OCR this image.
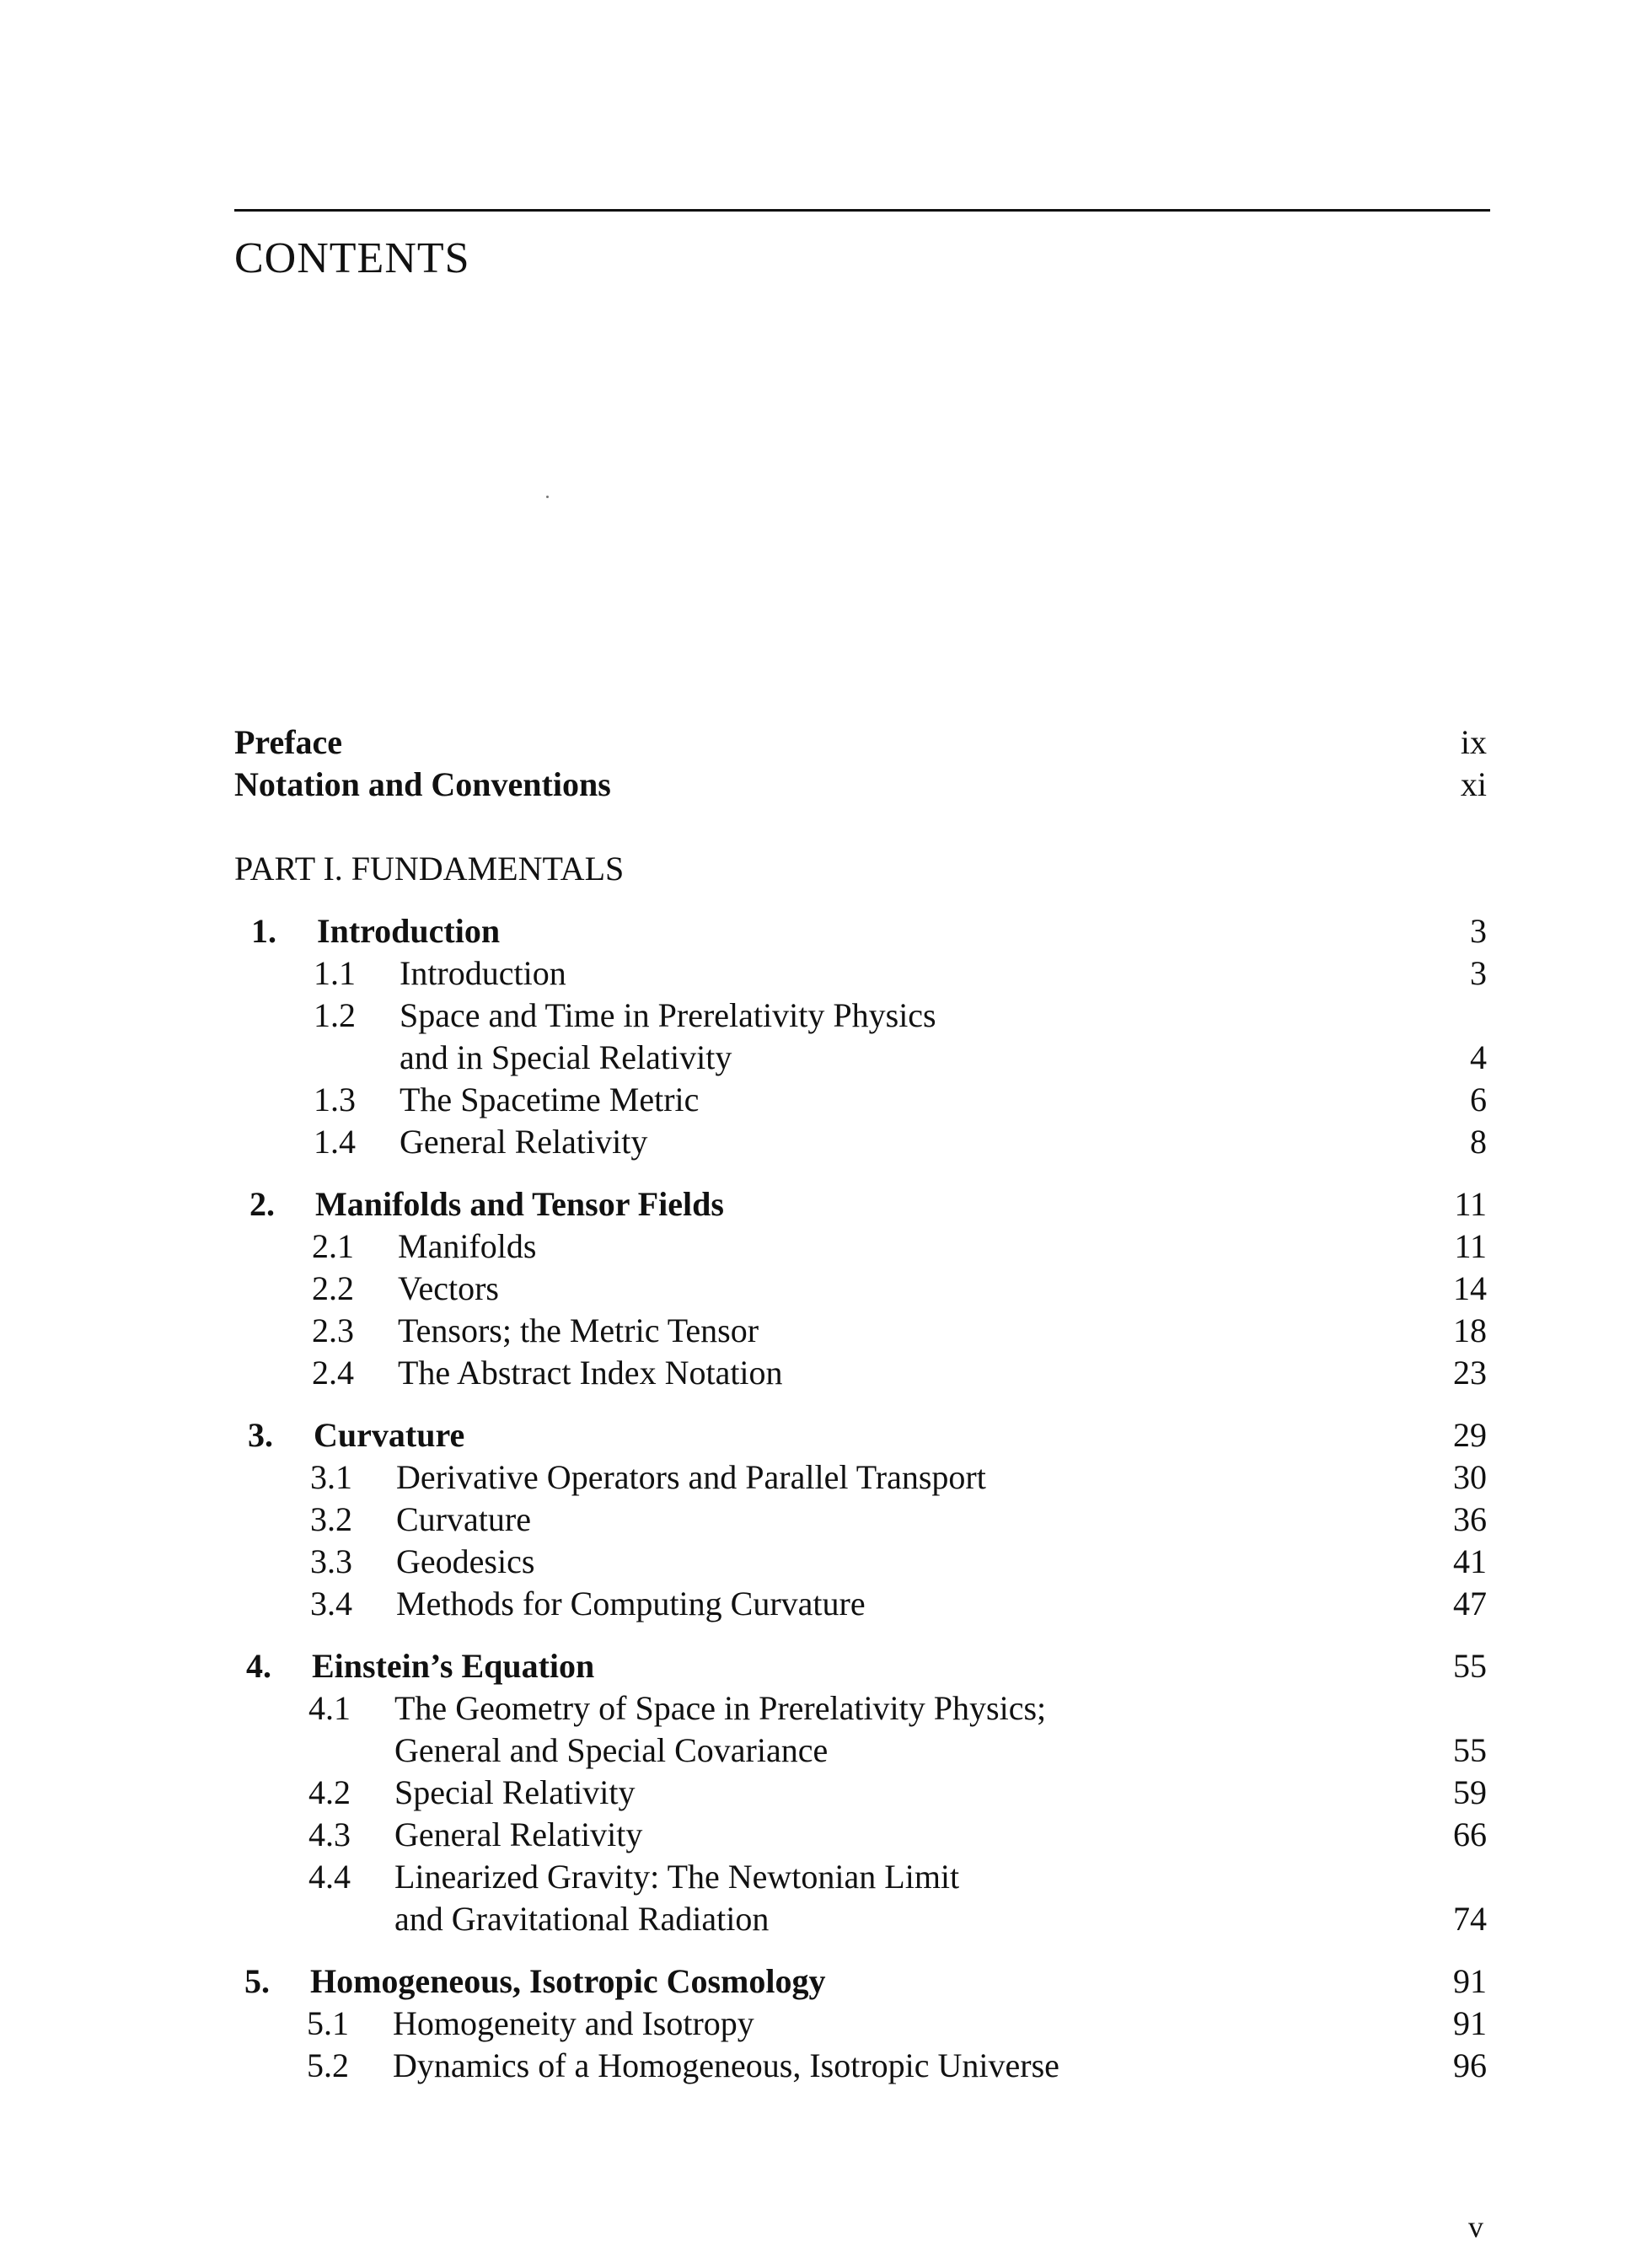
CONTENTS
Preface	ix
Notation and Conventions	xi
PART I. FUNDAMENTALS
1. Introduction	3
1.1 Introduction	3
1.2 Space and Time in Prerelativity Physics
and in Special Relativity	4
1.3 The Spacetime Metric	6
1.4 General Relativity	8
2. Manifolds and Tensor Fields	11
2.1 Manifolds	11
2.2 Vectors	14
2.3 Tensors; the Metric Tensor	18
2.4 The Abstract Index Notation	23
3. Curvature	29
3.1 Derivative Operators and Parallel Transport	30
3.2 Curvature	36
3.3 Geodesics	41
3.4 Methods for Computing Curvature	47
4. Einstein’s Equation	55
4.1 The Geometry of Space in Prerelativity Physics;
General and Special Covariance	55
4.2 Special Relativity	59
4.3 General Relativity	66
4.4 Linearized Gravity: The Newtonian Limit
and Gravitational Radiation	74
5. Homogeneous, Isotropic Cosmology	91
5.1 Homogeneity and Isotropy	91
5.2 Dynamics of a Homogeneous, Isotropic Universe	96
v
